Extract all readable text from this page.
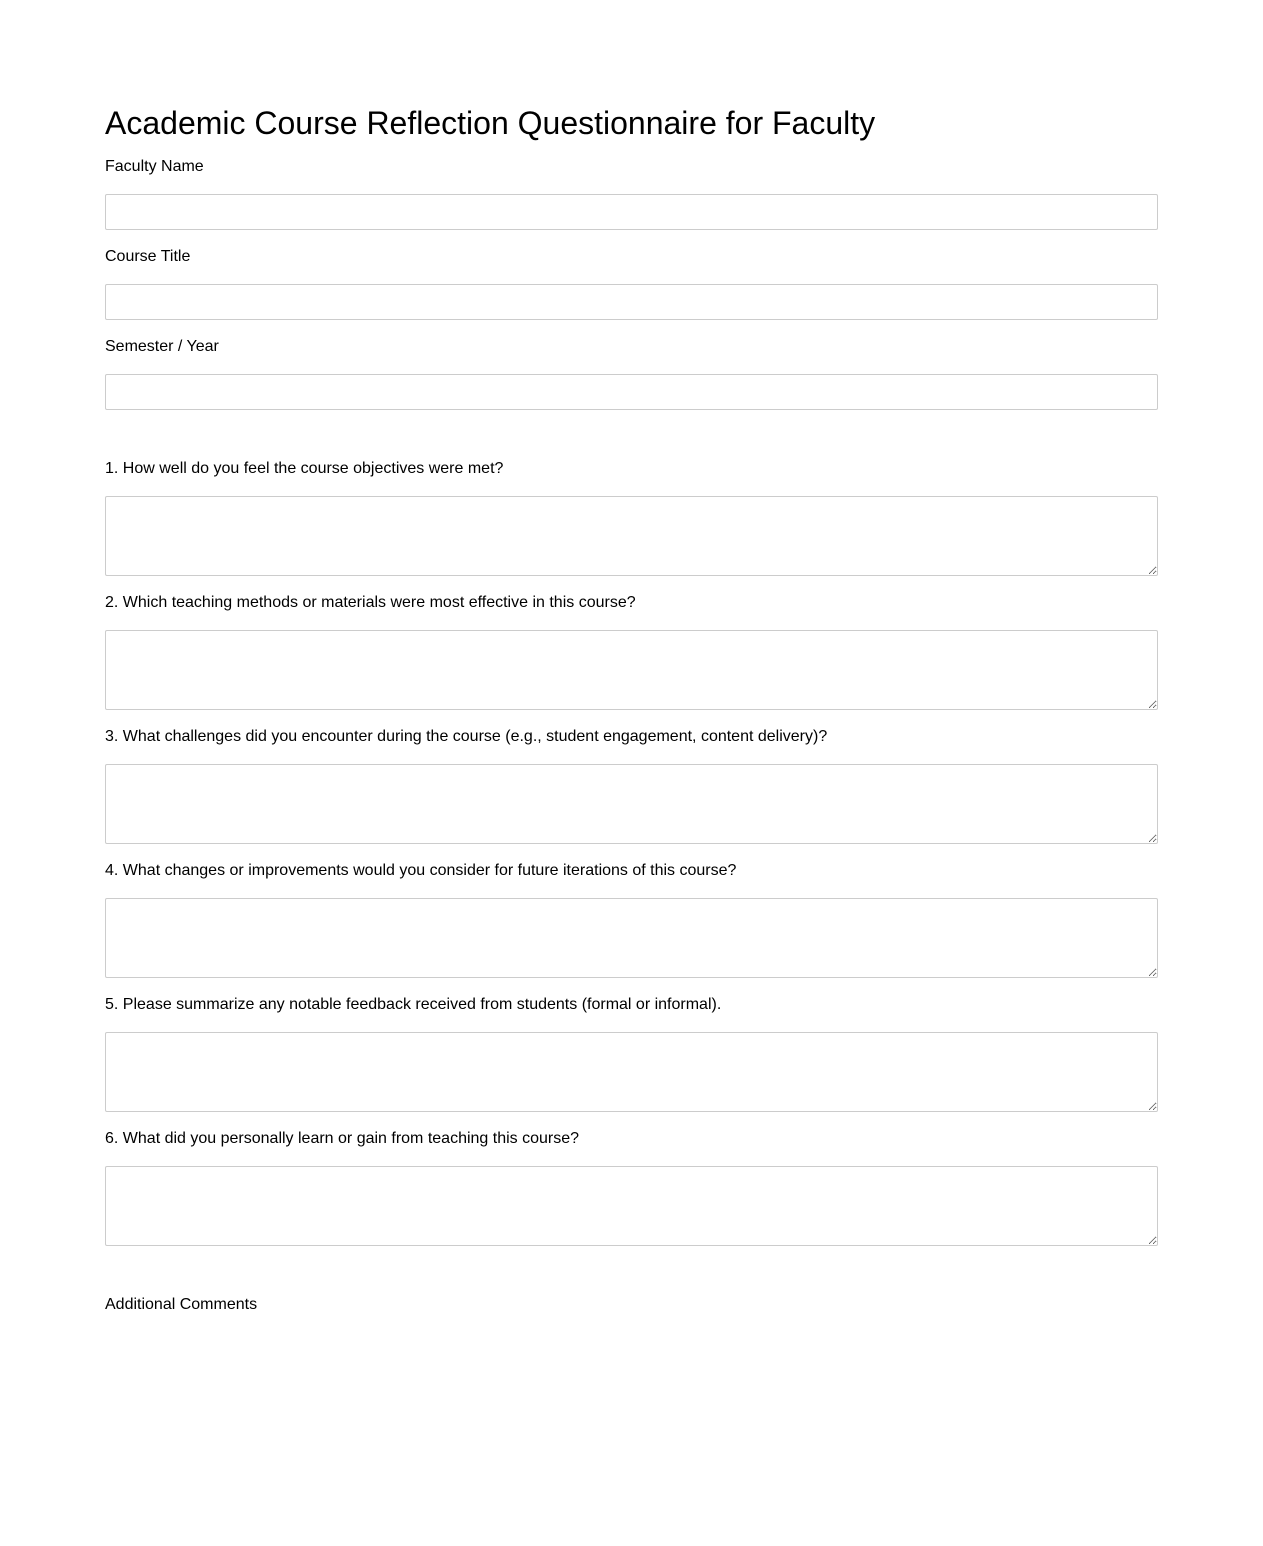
Academic Course Reflection Questionnaire for Faculty
Faculty Name
Course Title
Semester / Year
1. How well do you feel the course objectives were met?
2. Which teaching methods or materials were most effective in this course?
3. What challenges did you encounter during the course (e.g., student engagement, content delivery)?
4. What changes or improvements would you consider for future iterations of this course?
5. Please summarize any notable feedback received from students (formal or informal).
6. What did you personally learn or gain from teaching this course?
Additional Comments
